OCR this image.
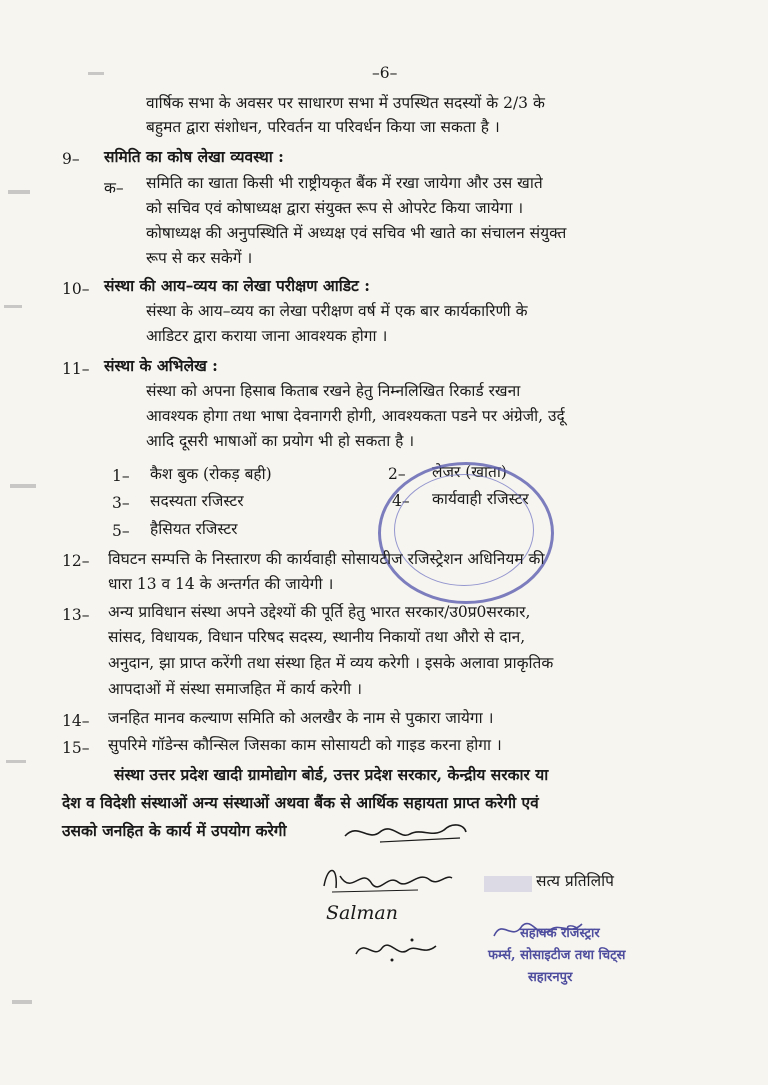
–6–
वार्षिक सभा के अवसर पर साधारण सभा में उपस्थित सदस्यों के 2/3 के
बहुमत द्वारा संशोधन, परिवर्तन या परिवर्धन किया जा सकता है ।
9– समिति का कोष लेखा व्यवस्था :
क– समिति का खाता किसी भी राष्ट्रीयकृत बैंक में रखा जायेगा और उस खाते
को सचिव एवं कोषाध्यक्ष द्वारा संयुक्त रूप से ओपरेट किया जायेगा ।
कोषाध्यक्ष की अनुपस्थिति में अध्यक्ष एवं सचिव भी खाते का संचालन संयुक्त
रूप से कर सकेगें ।
10– संस्था की आय–व्यय का लेखा परीक्षण आडिट :
संस्था के आय–व्यय का लेखा परीक्षण वर्ष में एक बार कार्यकारिणी के
आडिटर द्वारा कराया जाना आवश्यक होगा ।
11– संस्था के अभिलेख :
संस्था को अपना हिसाब किताब रखने हेतु निम्नलिखित रिकार्ड रखना
आवश्यक होगा तथा भाषा देवनागरी होगी, आवश्यकता पडने पर अंग्रेजी, उर्दू
आदि दूसरी भाषाओं का प्रयोग भी हो सकता है ।
1– कैश बुक (रोकड़ बही)	2– लेजर (खाता)
3– सदस्यता रजिस्टर	4– कार्यवाही रजिस्टर
5– हैसियत रजिस्टर
12– विघटन सम्पत्ति के निस्तारण की कार्यवाही सोसायटीज रजिस्ट्रेशन अधिनियम की
धारा 13 व 14 के अन्तर्गत की जायेगी ।
13– अन्य प्राविधान संस्था अपने उद्देश्यों की पूर्ति हेतु भारत सरकार/उ0प्र0सरकार,
सांसद, विधायक, विधान परिषद सदस्य, स्थानीय निकायों तथा औरो से दान,
अनुदान, झा प्राप्त करेंगी तथा संस्था हित में व्यय करेगी । इसके अलावा प्राकृतिक
आपदाओं में संस्था समाजहित में कार्य करेगी ।
14– जनहित मानव कल्याण समिति को अलखैर के नाम से पुकारा जायेगा ।
15– सुपरिमे गॉडेन्स कौन्सिल जिसका काम सोसायटी को गाइड करना होगा ।
संस्था उत्तर प्रदेश खादी ग्रामोद्योग बोर्ड, उत्तर प्रदेश सरकार, केन्द्रीय सरकार या
देश व विदेशी संस्थाओं अन्य संस्थाओं अथवा बैंक से आर्थिक सहायता प्राप्त करेगी एवं
उसको जनहित के कार्य में उपयोग करेगी
Salman
सत्य प्रतिलिपि
सहायक रजिस्ट्रार
फर्म्स, सोसाइटीज तथा चिट्स
सहारनपुर
